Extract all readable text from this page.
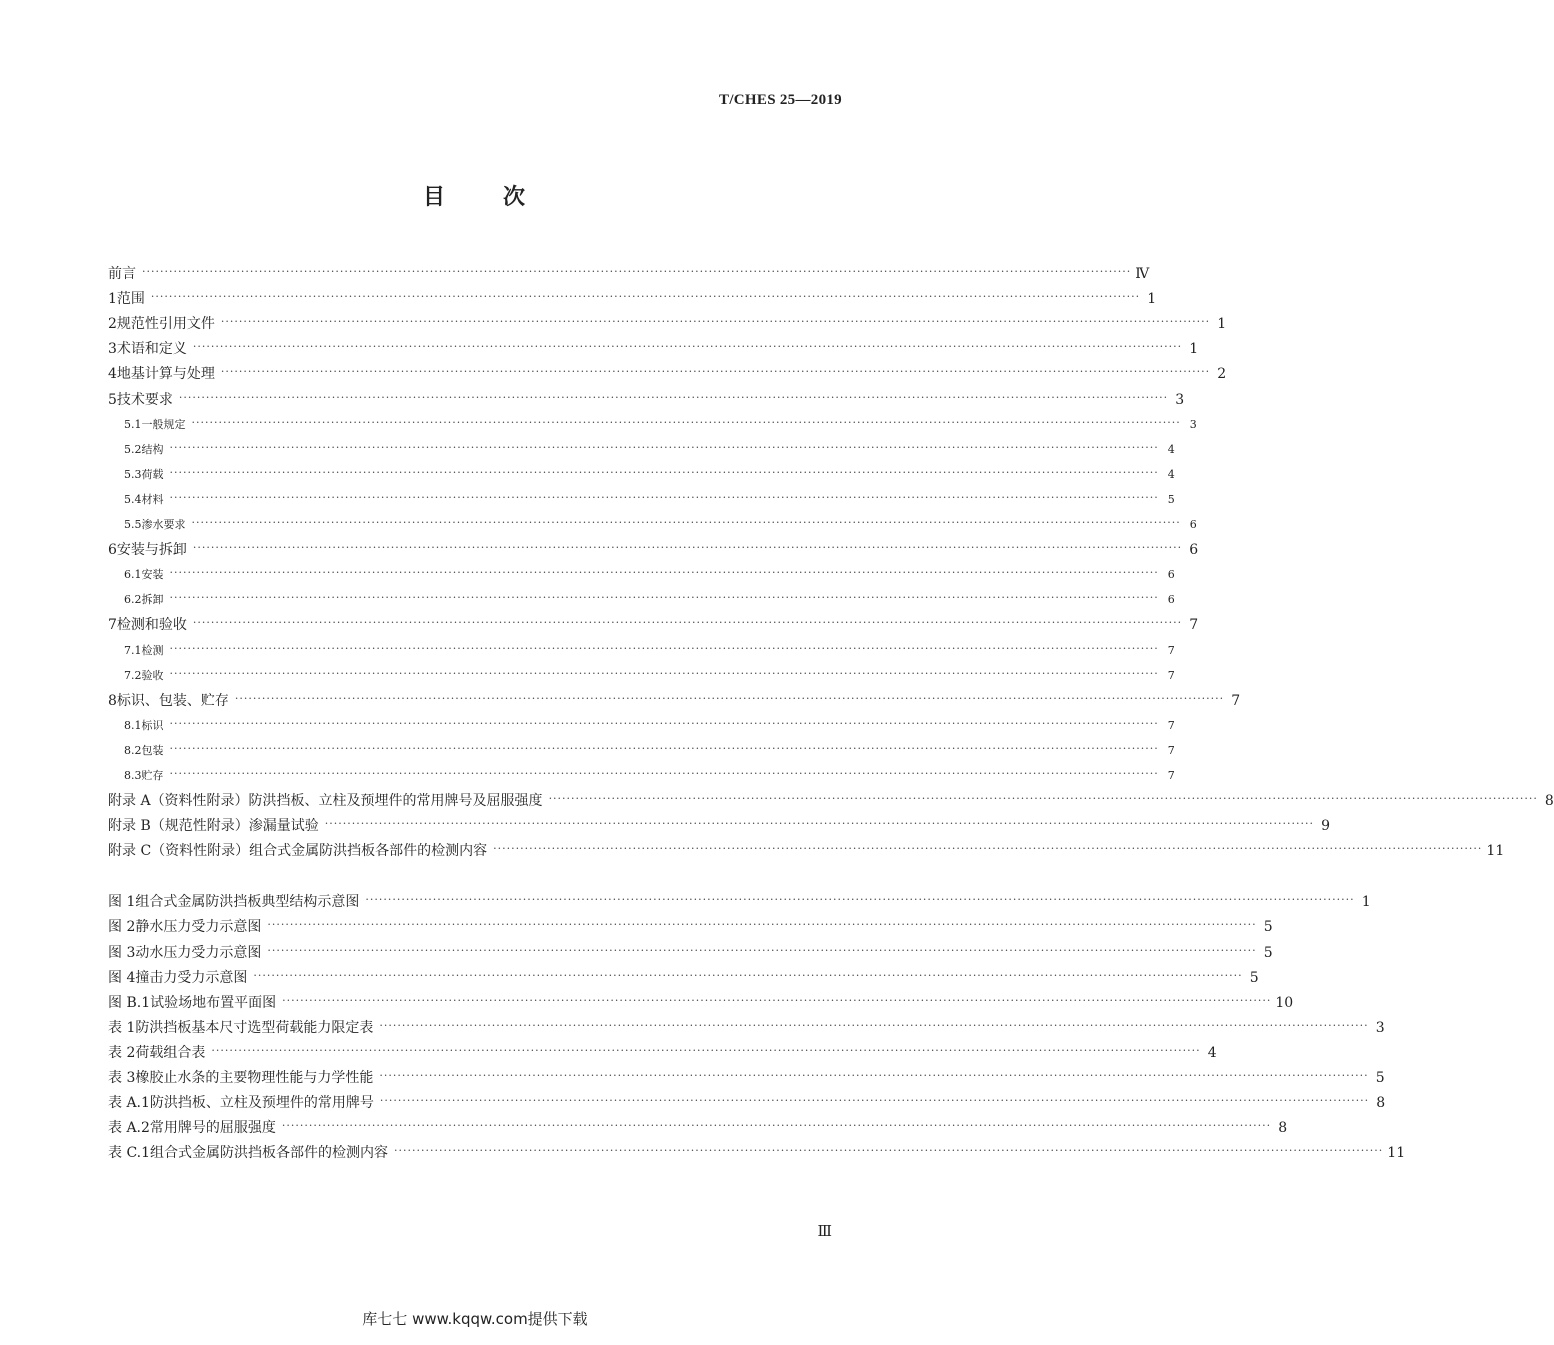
T/CHES 25—2019
目	次
前言 ···························································································································································································································· Ⅳ
1 范围 ···························································································································································································································· 1
2 规范性引用文件 ···························································································································································································································· 1
3 术语和定义 ···························································································································································································································· 1
4 地基计算与处理 ···························································································································································································································· 2
5 技术要求 ···························································································································································································································· 3
5.1 一般规定 ···························································································································································································································· 3
5.2 结构 ···························································································································································································································· 4
5.3 荷载 ···························································································································································································································· 4
5.4 材料 ···························································································································································································································· 5
5.5 渗水要求 ···························································································································································································································· 6
6 安装与拆卸 ···························································································································································································································· 6
6.1 安装 ···························································································································································································································· 6
6.2 拆卸 ···························································································································································································································· 6
7 检测和验收 ···························································································································································································································· 7
7.1 检测 ···························································································································································································································· 7
7.2 验收 ···························································································································································································································· 7
8 标识、包装、贮存 ···························································································································································································································· 7
8.1 标识 ···························································································································································································································· 7
8.2 包装 ···························································································································································································································· 7
8.3 贮存 ···························································································································································································································· 7
附录 A （资料性附录）防洪挡板、立柱及预埋件的常用牌号及屈服强度 ···························································································································································································································· 8
附录 B （规范性附录）渗漏量试验 ···························································································································································································································· 9
附录 C （资料性附录）组合式金属防洪挡板各部件的检测内容 ···························································································································································································································· 11
图 1 组合式金属防洪挡板典型结构示意图 ···························································································································································································································· 1
图 2 静水压力受力示意图 ···························································································································································································································· 5
图 3 动水压力受力示意图 ···························································································································································································································· 5
图 4 撞击力受力示意图 ···························································································································································································································· 5
图 B.1 试验场地布置平面图 ···························································································································································································································· 10
表 1 防洪挡板基本尺寸选型荷载能力限定表 ···························································································································································································································· 3
表 2 荷载组合表 ···························································································································································································································· 4
表 3 橡胶止水条的主要物理性能与力学性能 ···························································································································································································································· 5
表 A.1 防洪挡板、立柱及预埋件的常用牌号 ···························································································································································································································· 8
表 A.2 常用牌号的屈服强度 ···························································································································································································································· 8
表 C.1 组合式金属防洪挡板各部件的检测内容 ···························································································································································································································· 11
Ⅲ
库七七 www.kqqw.com提供下载
